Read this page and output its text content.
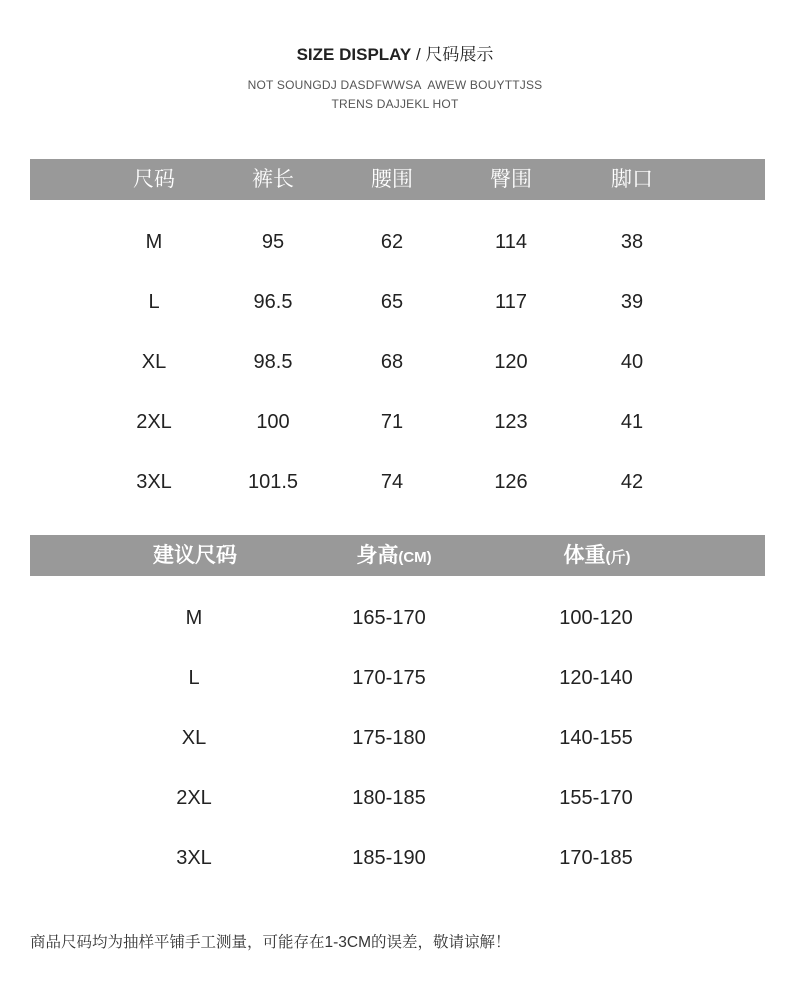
SIZE DISPLAY / 尺码展示
NOT SOUNGDJ DASDFWWSA  AWEW BOUYTTJSS
TRENS DAJJEKL HOT
尺码	裤长	腰围	臀围	脚口
M	95	62	114	38
L	96.5	65	117	39
XL	98.5	68	120	40
2XL	100	71	123	41
3XL	101.5	74	126	42
建议尺码	身高(CM)	体重(斤)
M	165-170	100-120
L	170-175	120-140
XL	175-180	140-155
2XL	180-185	155-170
3XL	185-190	170-185
商品尺码均为抽样平铺手工测量，可能存在1-3CM的误差，敬请谅解！
